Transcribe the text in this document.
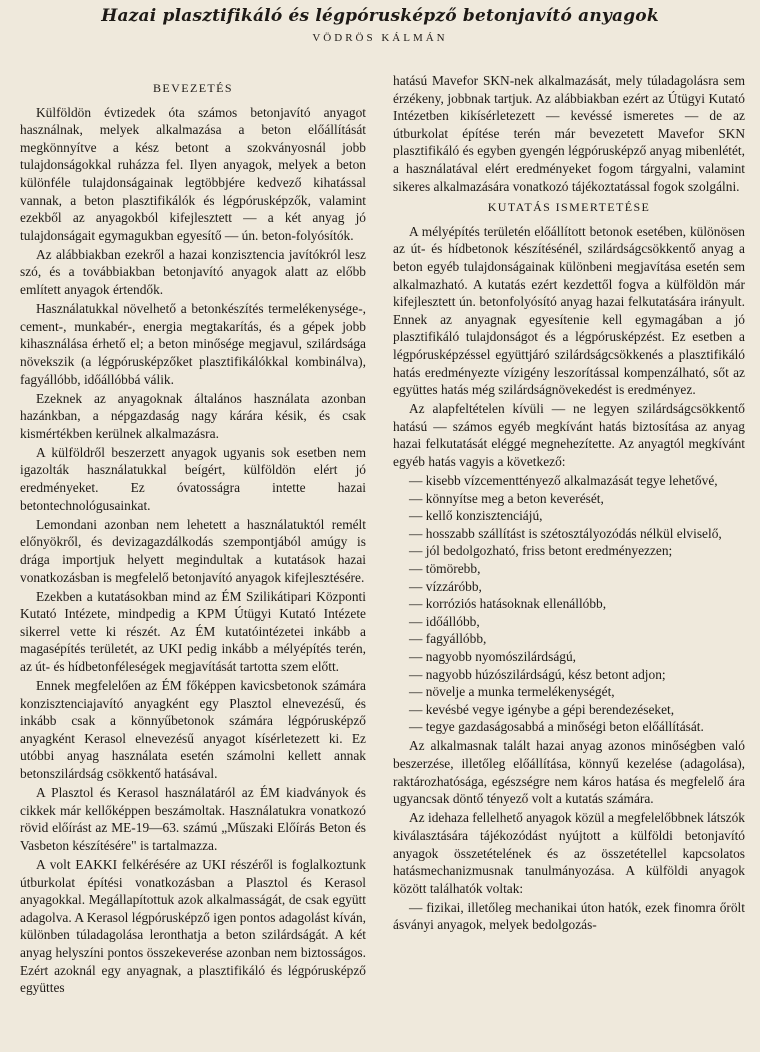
Hazai plasztifikáló és légpórusképző betonjavító anyagok
VÖDRÖS KÁLMÁN
BEVEZETÉS

Külföldön évtizedek óta számos betonjavító anyagot használnak, melyek alkalmazása a beton előállítását megkönnyítve a kész betont a szokványosnál jobb tulajdonságokkal ruházza fel. Ilyen anyagok, melyek a beton különféle tulajdonságainak legtöbbjére kedvező kihatással vannak, a beton plasztifikálók és légpórusképzők, valamint ezekből az anyagokból kifejlesztett — a két anyag jó tulajdonságait egymagukban egyesítő — ún. beton-folyósítók.

Az alábbiakban ezekről a hazai konzisztencia javítókról lesz szó, és a továbbiakban betonjavító anyagok alatt az előbb említett anyagok értendők.

Használatukkal növelhető a betonkészítés termelékenysége-, cement-, munkabér-, energia megtakarítás, és a gépek jobb kihasználása érhető el; a beton minősége megjavul, szilárdsága növekszik (a légpórusképzőket plasztifikálókkal kombinálva), fagyállóbb, időállóbbá válik.

Ezeknek az anyagoknak általános használata azonban hazánkban, a népgazdaság nagy kárára késik, és csak kismértékben kerülnek alkalmazásra.

A külföldről beszerzett anyagok ugyanis sok esetben nem igazolták használatukkal beígért, külföldön elért jó eredményeket. Ez óvatosságra intette hazai betontechnológusainkat.

Lemondani azonban nem lehetett a használatuktól remélt előnyökről, és devizagazdálkodás szempontjából amúgy is drága importjuk helyett megindultak a kutatások hazai vonatkozásban is megfelelő betonjavító anyagok kifejlesztésére.

Ezekben a kutatásokban mind az ÉM Szilikátipari Központi Kutató Intézete, mindpedig a KPM Útügyi Kutató Intézete sikerrel vette ki részét. Az ÉM kutatóintézetei inkább a magasépítés területét, az UKI pedig inkább a mélyépítés terén, az út- és hídbetonféleségek megjavítását tartotta szem előtt.

Ennek megfelelően az ÉM főképpen kavicsbetonok számára konzisztenciajavító anyagként egy Plasztol elnevezésű, és inkább csak a könnyűbetonok számára légpórusképző anyagként Kerasol elnevezésű anyagot kísérletezett ki. Ez utóbbi anyag használata esetén számolni kellett annak betonszilárdság csökkentő hatásával.

A Plasztol és Kerasol használatáról az ÉM kiadványok és cikkek már kellőképpen beszámoltak. Használatukra vonatkozó rövid előírást az ME-19—63. számú „Műszaki Előírás Beton és Vasbeton készítésére" is tartalmazza.

A volt EAKKI felkérésére az UKI részéről is foglalkoztunk útburkolat építési vonatkozásban a Plasztol és Kerasol anyagokkal. Megállapítottuk azok alkalmasságát, de csak együtt adagolva. A Kerasol légpórusképző igen pontos adagolást kíván, különben túladagolása leronthatja a beton szilárdságát. A két anyag helyszíni pontos összekeverése azonban nem biztosságos. Ezért azoknál egy anyagnak, a plasztifikáló és légpórusképző együttes

hatású Mavefor SKN-nek alkalmazását, mely túladagolásra sem érzékeny, jobbnak tartjuk. Az alábbiakban ezért az Útügyi Kutató Intézetben kikísérletezett — kevéssé ismeretes — de az útburkolat építése terén már bevezetett Mavefor SKN plasztifikáló és egyben gyengén légpórusképző anyag mibenlétét, a használatával elért eredményeket fogom tárgyalni, valamint sikeres alkalmazására vonatkozó tájékoztatással fogok szolgálni.

KUTATÁS ISMERTETÉSE

A mélyépítés területén előállított betonok esetében, különösen az út- és hídbetonok készítésénél, szilárdságcsökkentő anyag a beton egyéb tulajdonságainak különbeni megjavítása esetén sem alkalmazható. A kutatás ezért kezdettől fogva a külföldön már kifejlesztett ún. betonfolyósító anyag hazai felkutatására irányult. Ennek az anyagnak egyesítenie kell egymagában a jó plasztifikáló tulajdonságot és a légpórusképzést. Ez esetben a légpórusképzéssel együttjáró szilárdságcsökkenés a plasztifikáló hatás eredményezte vízigény leszorítással kompenzálható, sőt az együttes hatás még szilárdságnövekedést is eredményez.

Az alapfeltételen kívüli — ne legyen szilárdságcsökkentő hatású — számos egyéb megkívánt hatás biztosítása az anyag hazai felkutatását eléggé megnehezítette. Az anyagtól megkívánt egyéb hatás vagyis a következő:

— kisebb vízcementtényező alkalmazását tegye lehetővé,
— könnyítse meg a beton keverését,
— kellő konzisztenciájú,
— hosszabb szállítást is szétosztályozódás nélkül elviselő,
— jól bedolgozható, friss betont eredményezzen;
— tömörebb,
— vízzáróbb,
— korróziós hatásoknak ellenállóbb,
— időállóbb,
— fagyállóbb,
— nagyobb nyomószilárdságú,
— nagyobb húzószilárdságú, kész betont adjon;
— növelje a munka termelékenységét,
— kevésbé vegye igénybe a gépi berendezéseket,
— tegye gazdaságosabbá a minőségi beton előállítását.

Az alkalmasnak talált hazai anyag azonos minőségben való beszerzése, illetőleg előállítása, könnyű kezelése (adagolása), raktározhatósága, egészségre nem káros hatása és megfelelő ára ugyancsak döntő tényező volt a kutatás számára.

Az idehaza fellelhető anyagok közül a megfelelőbbnek látszók kiválasztására tájékozódást nyújtott a külföldi betonjavító anyagok összetételének és az összetétellel kapcsolatos hatásmechanizmusnak tanulmányozása. A külföldi anyagok között találhatók voltak:

— fizikai, illetőleg mechanikai úton hatók, ezek finomra őrölt ásványi anyagok, melyek bedolgozás-
